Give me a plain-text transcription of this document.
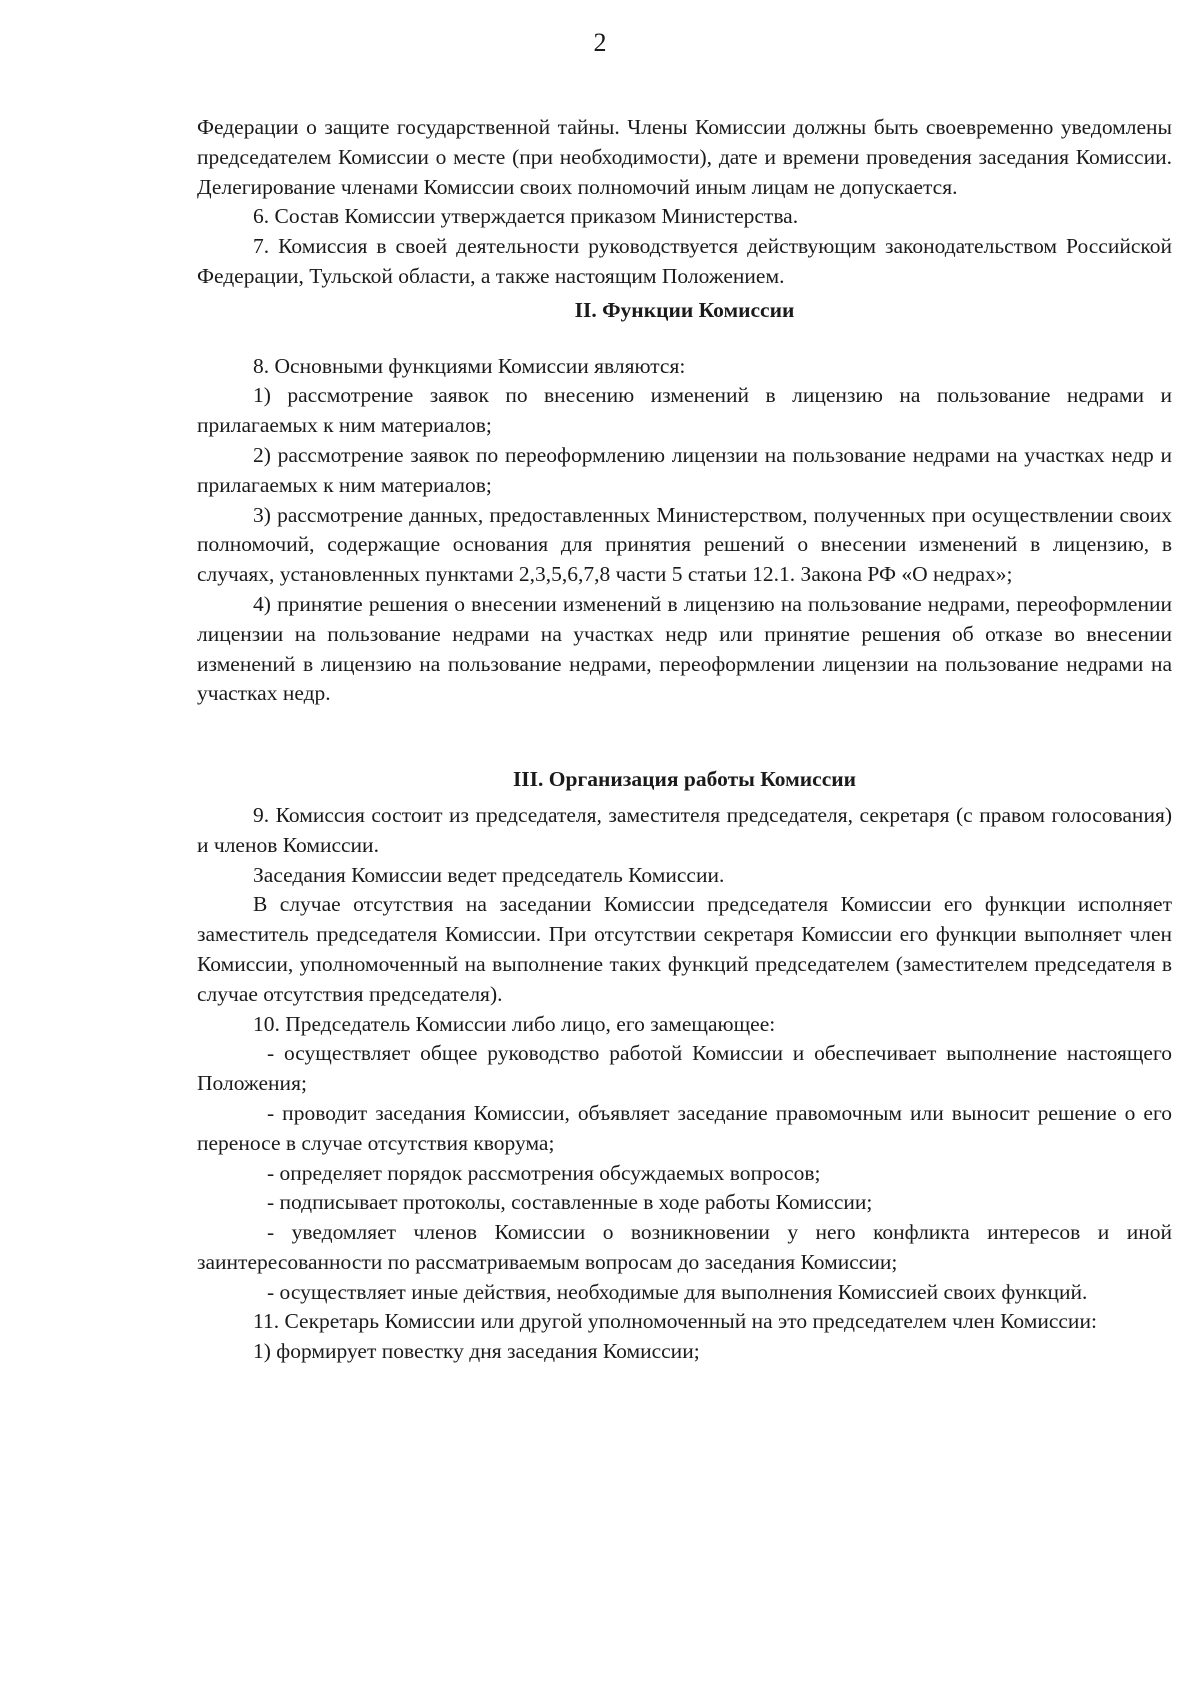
2

Федерации о защите государственной тайны. Члены Комиссии должны быть своевременно уведомлены председателем Комиссии о месте (при необходимости), дате и времени проведения заседания Комиссии. Делегирование членами Комиссии своих полномочий иным лицам не допускается.

6. Состав Комиссии утверждается приказом Министерства.

7. Комиссия в своей деятельности руководствуется действующим законодательством Российской Федерации, Тульской области, а также настоящим Положением.

II. Функции Комиссии

8. Основными функциями Комиссии являются:

1) рассмотрение заявок по внесению изменений в лицензию на пользование недрами и прилагаемых к ним материалов;

2) рассмотрение заявок по переоформлению лицензии на пользование недрами на участках недр и прилагаемых к ним материалов;

3) рассмотрение данных, предоставленных Министерством, полученных при осуществлении своих полномочий, содержащие основания для принятия решений о внесении изменений в лицензию, в случаях, установленных пунктами 2,3,5,6,7,8 части 5 статьи 12.1. Закона РФ «О недрах»;

4) принятие решения о внесении изменений в лицензию на пользование недрами, переоформлении лицензии на пользование недрами на участках недр или принятие решения об отказе во внесении изменений в лицензию на пользование недрами, переоформлении лицензии на пользование недрами на участках недр.

III. Организация работы Комиссии

9. Комиссия состоит из председателя, заместителя председателя, секретаря (с правом голосования) и членов Комиссии.

Заседания Комиссии ведет председатель Комиссии.

В случае отсутствия на заседании Комиссии председателя Комиссии его функции исполняет заместитель председателя Комиссии. При отсутствии секретаря Комиссии его функции выполняет член Комиссии, уполномоченный на выполнение таких функций председателем (заместителем председателя в случае отсутствия председателя).

10. Председатель Комиссии либо лицо, его замещающее:

- осуществляет общее руководство работой Комиссии и обеспечивает выполнение настоящего Положения;

- проводит заседания Комиссии, объявляет заседание правомочным или выносит решение о его переносе в случае отсутствия кворума;

- определяет порядок рассмотрения обсуждаемых вопросов;

- подписывает протоколы, составленные в ходе работы Комиссии;

- уведомляет членов Комиссии о возникновении у него конфликта интересов и иной заинтересованности по рассматриваемым вопросам до заседания Комиссии;

- осуществляет иные действия, необходимые для выполнения Комиссией своих функций.

11. Секретарь Комиссии или другой уполномоченный на это председателем член Комиссии:

1) формирует повестку дня заседания Комиссии;
